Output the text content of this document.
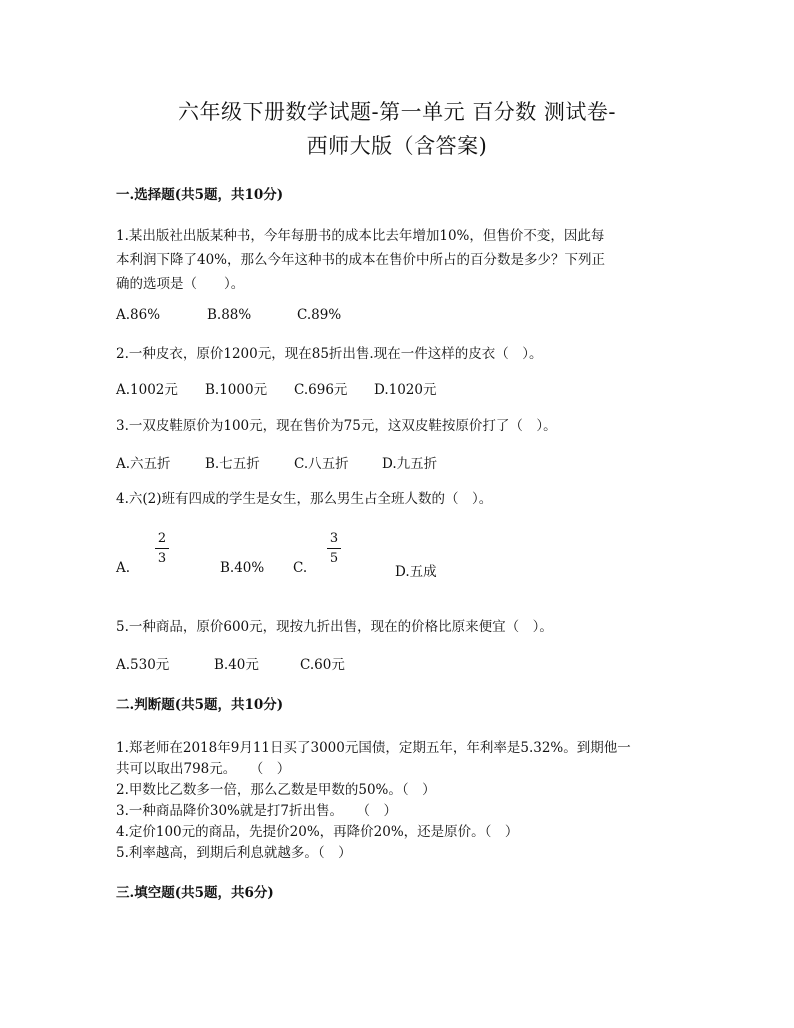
六年级下册数学试题-第一单元 百分数 测试卷-
西师大版（含答案)
一.选择题(共5题，共10分)
1.某出版社出版某种书，今年每册书的成本比去年增加10%，但售价不变，因此每
本利润下降了40%，那么今年这种书的成本在售价中所占的百分数是多少？下列正
确的选项是（　　）。
A.86%	B.88%	C.89%
2.一种皮衣，原价1200元，现在85折出售.现在一件这样的皮衣（　）。
A.1002元 B.1000元 C.696元 D.1020元
3.一双皮鞋原价为100元，现在售价为75元，这双皮鞋按原价打了（　）。
A.六五折	B.七五折	C.八五折 D.九五折
4.六(2)班有四成的学生是女生，那么男生占全班人数的（　）。
2
3
3
5
A.	B.40% C.	D.五成
5.一种商品，原价600元，现按九折出售，现在的价格比原来便宜（　）。
A.530元	B.40元	C.60元
二.判断题(共5题，共10分)
1.郑老师在2018年9月11日买了3000元国债，定期五年，年利率是5.32%。到期他一
共可以取出798元。　　（　）
2.甲数比乙数多一倍，那么乙数是甲数的50%。（　）
3.一种商品降价30%就是打7折出售。　　（　）
4.定价100元的商品，先提价20%，再降价20%，还是原价。（　）
5.利率越高，到期后利息就越多。（　）
三.填空题(共5题，共6分)
